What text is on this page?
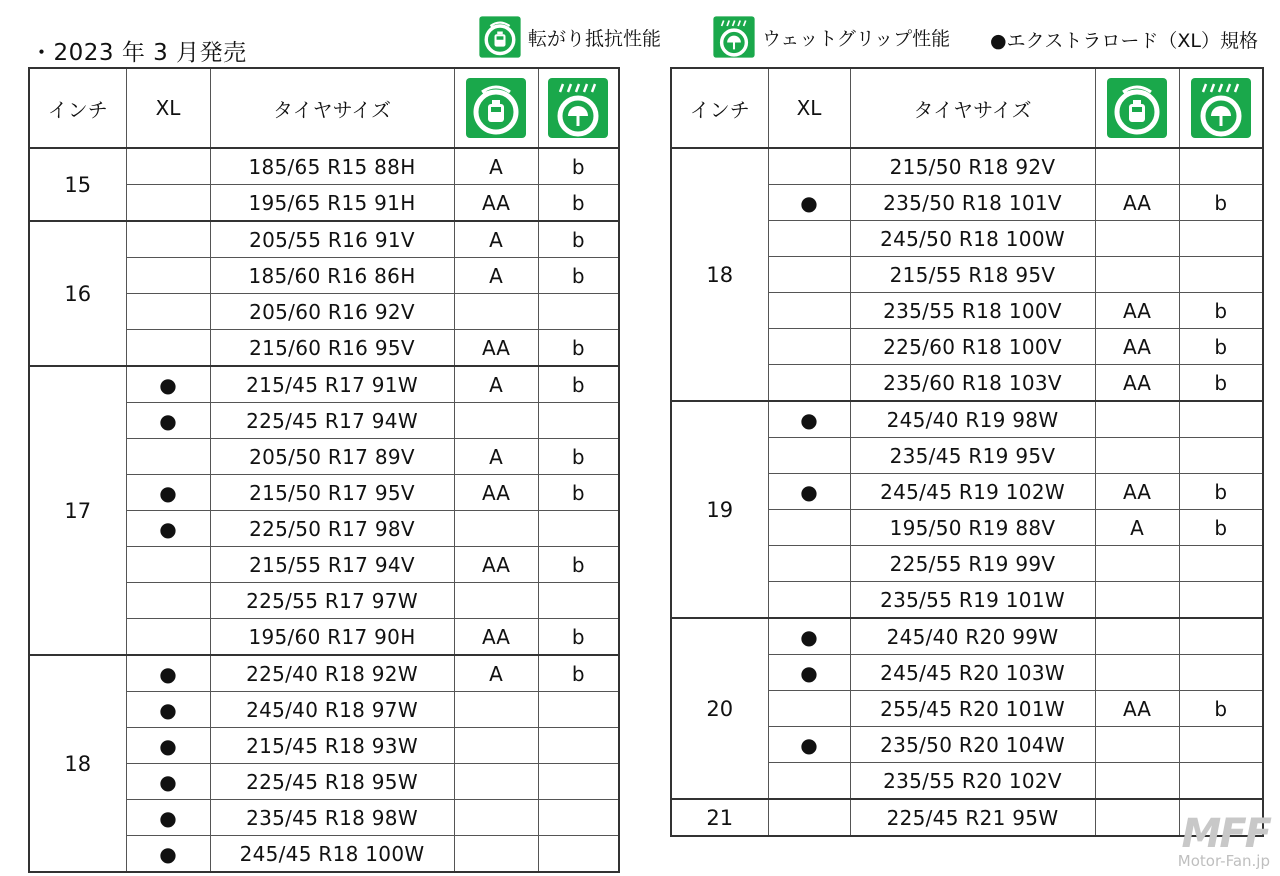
・2023 年 3 月発売
転がり抵抗性能	ウェットグリップ性能 ●エクストラロード（XL）規格
インチ	XL	タイヤサイズ	

15		185/65 R15 88H	A	b
		195/65 R15 91H	AA	b
16		205/55 R16 91V	A	b
		185/60 R16 86H	A	b
		205/60 R16 92V		
		215/60 R16 95V	AA	b
17	●	215/45 R17 91W	A	b
	●	225/45 R17 94W		
		205/50 R17 89V	A	b
	●	215/50 R17 95V	AA	b
	●	225/50 R17 98V		
		215/55 R17 94V	AA	b
		225/55 R17 97W		
		195/60 R17 90H	AA	b
18	●	225/40 R18 92W	A	b
	●	245/40 R18 97W		
	●	215/45 R18 93W		
	●	225/45 R18 95W		
	●	235/45 R18 98W		
	●	245/45 R18 100W		
インチ	XL	タイヤサイズ	

18		215/50 R18 92V		
	●	235/50 R18 101V	AA	b
		245/50 R18 100W		
		215/55 R18 95V		
		235/55 R18 100V	AA	b
		225/60 R18 100V	AA	b
		235/60 R18 103V	AA	b
19	●	245/40 R19 98W		
		235/45 R19 95V		
	●	245/45 R19 102W	AA	b
		195/50 R19 88V	A	b
		225/55 R19 99V		
		235/55 R19 101W		
20	●	245/40 R20 99W		
	●	245/45 R20 103W		
		255/45 R20 101W	AA	b
	●	235/50 R20 104W		
		235/55 R20 102V		
21		225/45 R21 95W			MFF
Motor-Fan.jp
